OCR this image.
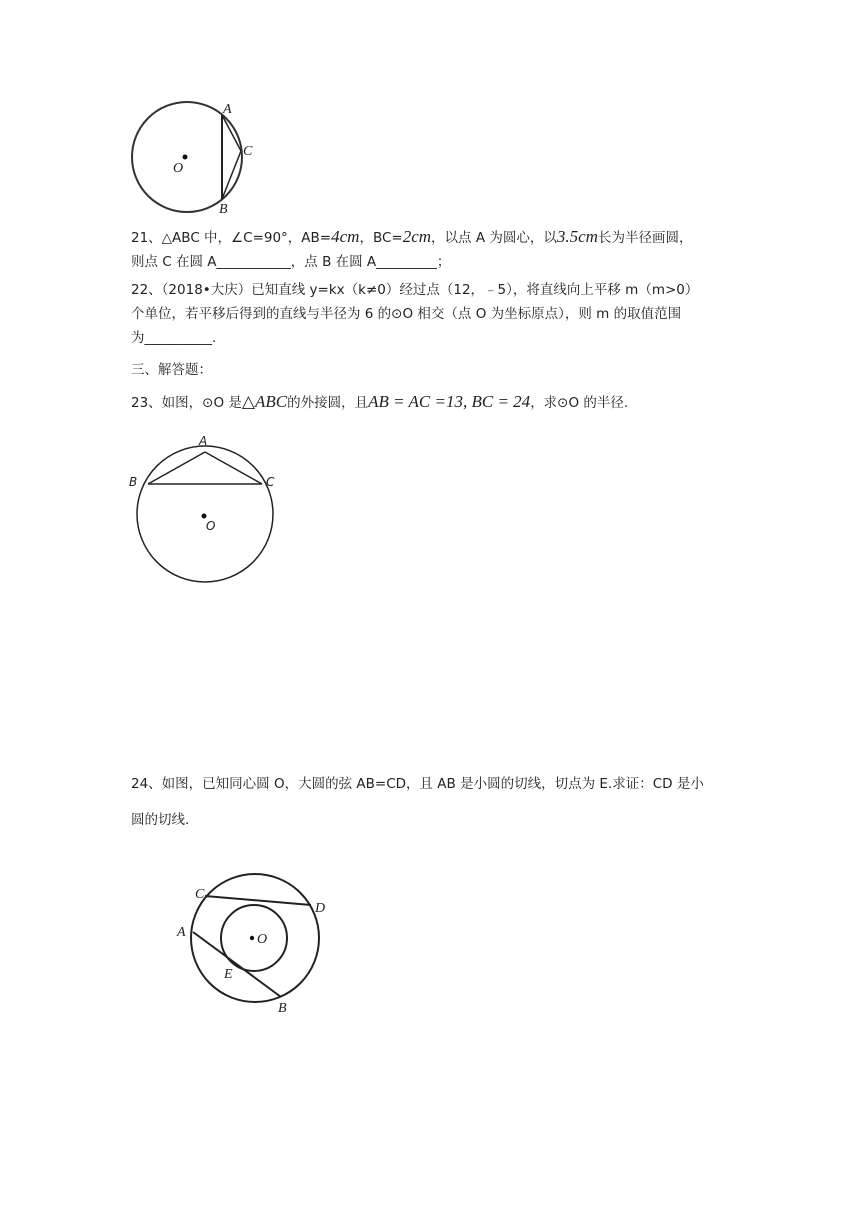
A
C
B
O
21、△ABC 中，∠C=90°，AB=4cm，BC=2cm，以点 A 为圆心，以3.5cm长为半径画圆，
则点 C 在圆 A___________，点 B 在圆 A_________；
22、（2018•大庆）已知直线 y=kx（k≠0）经过点（12，﹣5），将直线向上平移 m（m>0）
个单位，若平移后得到的直线与半径为 6 的⊙O 相交（点 O 为坐标原点），则 m 的取值范围
为__________.
三、解答题：
23、如图，⊙O 是△ABC的外接圆，且AB = AC =13, BC = 24，求⊙O 的半径.
A
B	C
O
24、如图，已知同心圆 O，大圆的弦 AB=CD，且 AB 是小圆的切线，切点为 E.求证：CD 是小
圆的切线.
C
D
A
E
B
O
